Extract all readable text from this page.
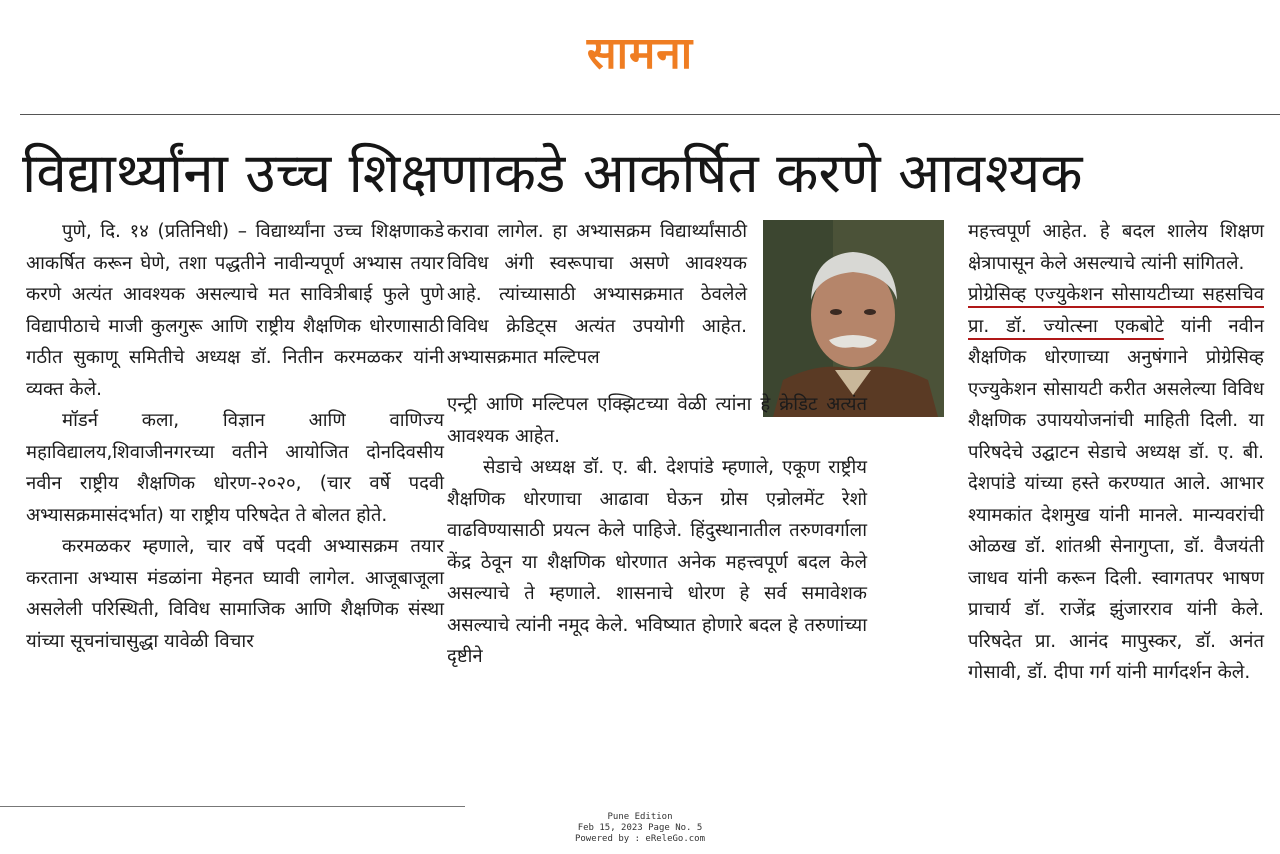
सामना
विद्यार्थ्यांना उच्च शिक्षणाकडे आकर्षित करणे आवश्यक

पुणे, दि. १४ (प्रतिनिधी) – विद्यार्थ्यांना उच्च शिक्षणाकडे आकर्षित करून घेणे, तशा पद्धतीने नावीन्यपूर्ण अभ्यास तयार करणे अत्यंत आवश्यक असल्याचे मत सावित्रीबाई फुले पुणे विद्यापीठाचे माजी कुलगुरू आणि राष्ट्रीय शैक्षणिक धोरणासाठी गठीत सुकाणू समितीचे अध्यक्ष डॉ. नितीन करमळकर यांनी व्यक्त केले.

मॉडर्न कला, विज्ञान आणि वाणिज्य महाविद्यालय,शिवाजीनगरच्या वतीने आयोजित दोनदिवसीय नवीन राष्ट्रीय शैक्षणिक धोरण-२०२०, (चार वर्षे पदवी अभ्यासक्रमासंदर्भात) या राष्ट्रीय परिषदेत ते बोलत होते.

करमळकर म्हणाले, चार वर्षे पदवी अभ्यासक्रम तयार करताना अभ्यास मंडळांना मेहनत घ्यावी लागेल. आजूबाजूला असलेली परिस्थिती, विविध सामाजिक आणि शैक्षणिक संस्था यांच्या सूचनांचासुद्धा यावेळी विचार

करावा लागेल. हा अभ्यासक्रम विद्यार्थ्यांसाठी विविध अंगी स्वरूपाचा असणे आवश्यक आहे. त्यांच्यासाठी अभ्यासक्रमात ठेवलेले विविध क्रेडिट्स अत्यंत उपयोगी आहेत. अभ्यासक्रमात मल्टिपल

एन्ट्री आणि मल्टिपल एक्झिटच्या वेळी त्यांना हे क्रेडिट अत्यंत आवश्यक आहेत.

सेडाचे अध्यक्ष डॉ. ए. बी. देशपांडे म्हणाले, एकूण राष्ट्रीय शैक्षणिक धोरणाचा आढावा घेऊन ग्रोस एन्रोलमेंट रेशो वाढविण्यासाठी प्रयत्न केले पाहिजे. हिंदुस्थानातील तरुणवर्गाला केंद्र ठेवून या शैक्षणिक धोरणात अनेक महत्त्वपूर्ण बदल केले असल्याचे ते म्हणाले. शासनाचे धोरण हे सर्व समावेशक असल्याचे त्यांनी नमूद केले. भविष्यात होणारे बदल हे तरुणांच्या दृष्टीने

महत्त्वपूर्ण आहेत. हे बदल शालेय शिक्षण क्षेत्रापासून केले असल्याचे त्यांनी सांगितले.

प्रोग्रेसिव्ह एज्युकेशन सोसायटीच्या सहसचिव प्रा. डॉ. ज्योत्स्ना एकबोटे यांनी नवीन शैक्षणिक धोरणाच्या अनुषंगाने प्रोग्रेसिव्ह एज्युकेशन सोसायटी करीत असलेल्या विविध शैक्षणिक उपाययोजनांची माहिती दिली. या परिषदेचे उद्घाटन सेडाचे अध्यक्ष डॉ. ए. बी. देशपांडे यांच्या हस्ते करण्यात आले. आभार श्यामकांत देशमुख यांनी मानले. मान्यवरांची ओळख डॉ. शांतश्री सेनागुप्ता, डॉ. वैजयंती जाधव यांनी करून दिली. स्वागतपर भाषण प्राचार्य डॉ. राजेंद्र झुंजारराव यांनी केले. परिषदेत प्रा. आनंद मापुस्कर, डॉ. अनंत गोसावी, डॉ. दीपा गर्ग यांनी मार्गदर्शन केले.

Pune Edition
Feb 15, 2023 Page No. 5
Powered by : eReleGo.com
